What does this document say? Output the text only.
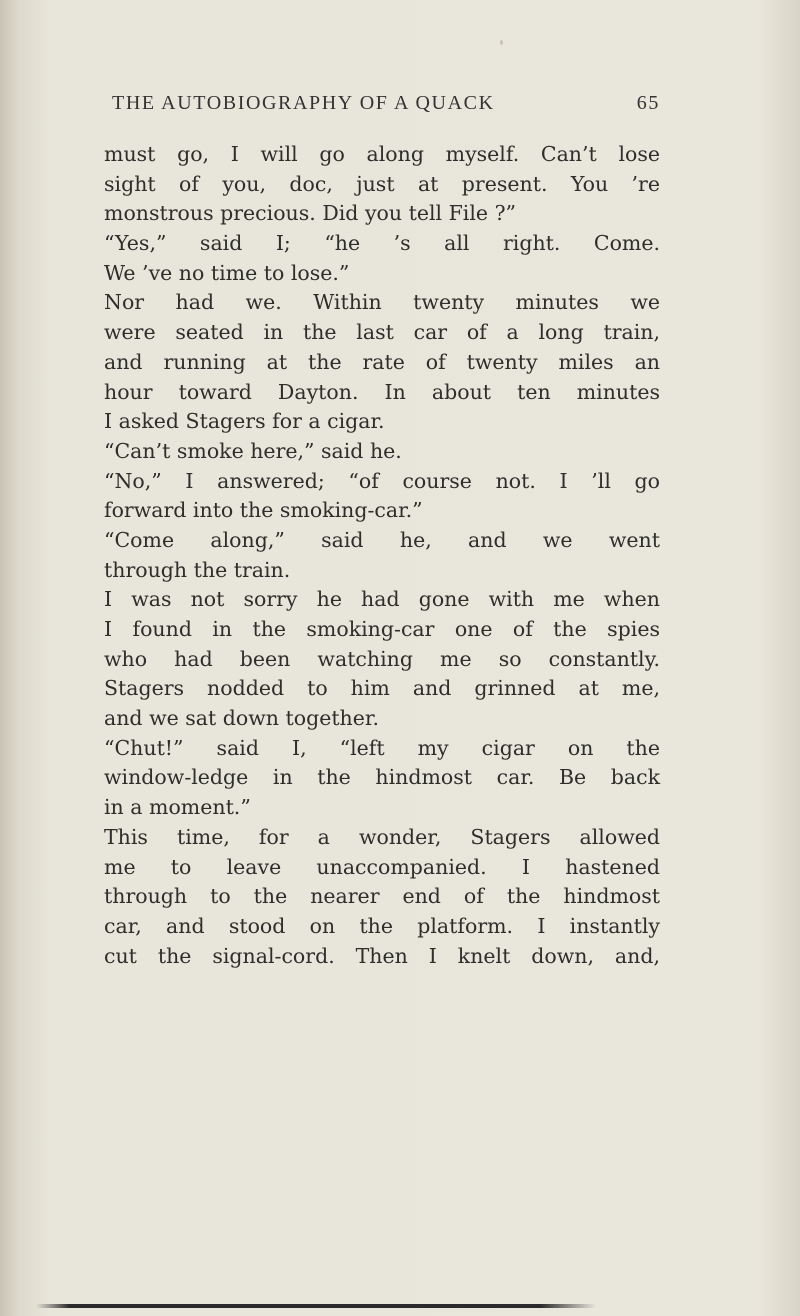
THE AUTOBIOGRAPHY OF A QUACK	65
must go, I will go along myself. Can’t lose
sight of you, doc, just at present. You ’re
monstrous precious. Did you tell File ?”
“Yes,” said I; “he ’s all right. Come.
We ’ve no time to lose.”
Nor had we. Within twenty minutes we
were seated in the last car of a long train,
and running at the rate of twenty miles an
hour toward Dayton. In about ten minutes
I asked Stagers for a cigar.
“Can’t smoke here,” said he.
“No,” I answered; “of course not. I ’ll go
forward into the smoking-car.”
“Come along,” said he, and we went
through the train.
I was not sorry he had gone with me when
I found in the smoking-car one of the spies
who had been watching me so constantly.
Stagers nodded to him and grinned at me,
and we sat down together.
“Chut!” said I, “left my cigar on the
window-ledge in the hindmost car. Be back
in a moment.”
This time, for a wonder, Stagers allowed
me to leave unaccompanied. I hastened
through to the nearer end of the hindmost
car, and stood on the platform. I instantly
cut the signal-cord. Then I knelt down, and,
